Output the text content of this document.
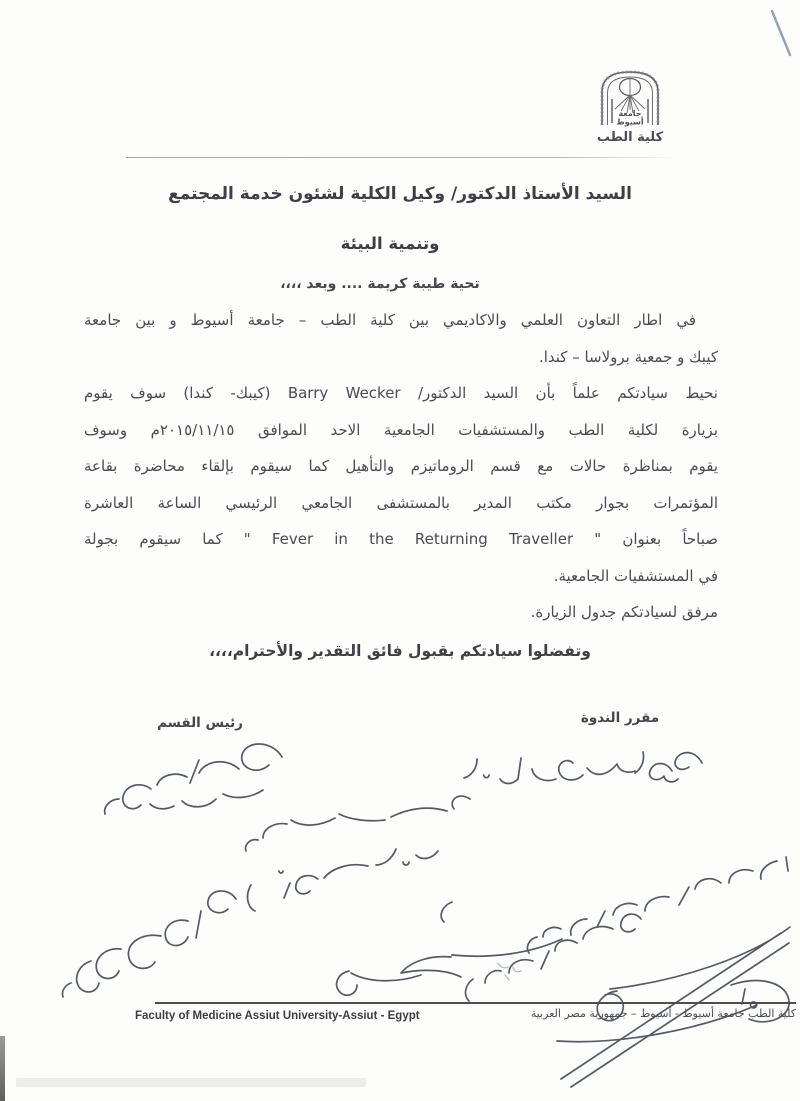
جامعة
أسيوط
كلية الطب
السيد الأستاذ الدكتور/ وكيل الكلية لشئون خدمة المجتمع
وتنمية البيئة
تحية طيبة كريمة .... وبعد ،،،،
في اطار التعاون العلمي والاكاديمي بين كلية الطب – جامعة أسيوط و بين جامعة
كيبك و جمعية برولاسا – كندا.
نحيط سيادتكم علماً بأن السيد الدكتور/ Barry Wecker (كيبك- كندا) سوف يقوم
بزيارة لكلية الطب والمستشفيات الجامعية الاحد الموافق ٢٠١٥/١١/١٥م وسوف
يقوم بمناظرة حالات مع قسم الروماتيزم والتأهيل كما سيقوم بإلقاء محاضرة بقاعة
المؤتمرات بجوار مكتب المدير بالمستشفى الجامعي الرئيسي الساعة العاشرة
صباحاً بعنوان " Fever in the Returning Traveller " كما سيقوم بجولة
في المستشفيات الجامعية.
مرفق لسيادتكم جدول الزيارة.
وتفضلوا سيادتكم بقبول فائق التقدير والأحترام،،،،
مقرر الندوة
رئيس القسم
Faculty of Medicine Assiut University-Assiut - Egypt	كلية الطب جامعة أسيوط - أسيوط – جمهورية مصر العربية
